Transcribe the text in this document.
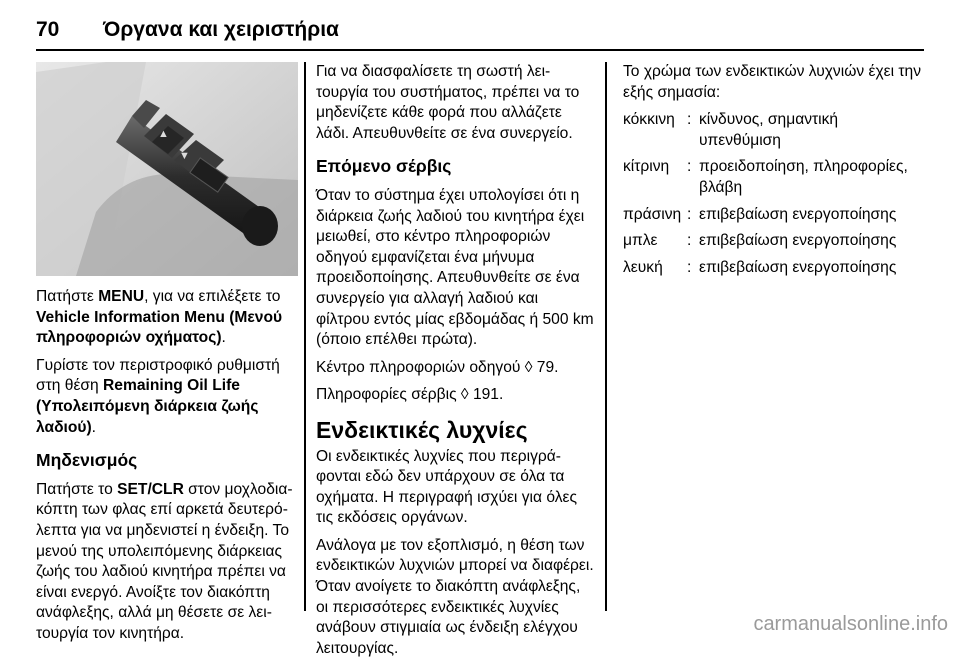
70 Όργανα και χειριστήρια
▲
▼

Πατήστε MENU, για να επιλέξετε το Vehicle Information Menu (Μενού πληροφοριών οχήματος).

Γυρίστε τον περιστροφικό ρυθμιστή στη θέση Remaining Oil Life (Υπολειπόμενη διάρκεια ζωής λαδιού).

Μηδενισμός

Πατήστε το SET/CLR στον μοχλοδιακόπτη των φλας επί αρκετά δευτερόλεπτα για να μηδενιστεί η ένδειξη. Το μενού της υπολειπόμενης διάρκειας ζωής του λαδιού κινητήρα πρέπει να είναι ενεργό. Ανοίξτε τον διακόπτη ανάφλεξης, αλλά μη θέσετε σε λειτουργία τον κινητήρα.

Για να διασφαλίσετε τη σωστή λειτουργία του συστήματος, πρέπει να το μηδενίζετε κάθε φορά που αλλάζετε λάδι. Απευθυνθείτε σε ένα συνεργείο.

Επόμενο σέρβις

Όταν το σύστημα έχει υπολογίσει ότι η διάρκεια ζωής λαδιού του κινητήρα έχει μειωθεί, στο κέντρο πληροφοριών οδηγού εμφανίζεται ένα μήνυμα προειδοποίησης. Απευθυνθείτε σε ένα συνεργείο για αλλαγή λαδιού και φίλτρου εντός μίας εβδομάδας ή 500 km (όποιο επέλθει πρώτα).

Κέντρο πληροφοριών οδηγού ◊ 79.

Πληροφορίες σέρβις ◊ 191.

Ενδεικτικές λυχνίες

Οι ενδεικτικές λυχνίες που περιγράφονται εδώ δεν υπάρχουν σε όλα τα οχήματα. Η περιγραφή ισχύει για όλες τις εκδόσεις οργάνων.

Ανάλογα με τον εξοπλισμό, η θέση των ενδεικτικών λυχνιών μπορεί να διαφέρει. Όταν ανοίγετε το διακόπτη ανάφλεξης, οι περισσότερες ενδεικτικές λυχνίες ανάβουν στιγμιαία ως ένδειξη ελέγχου λειτουργίας.

Το χρώμα των ενδεικτικών λυχνιών έχει την εξής σημασία:

κόκκινη : κίνδυνος, σημαντική υπενθύμιση
κίτρινη	: προειδοποίηση, πληροφορίες, βλάβη
πράσινη : επιβεβαίωση ενεργοποίησης
μπλε	: επιβεβαίωση ενεργοποίησης
λευκή	: επιβεβαίωση ενεργοποίησης
carmanualsonline.info
